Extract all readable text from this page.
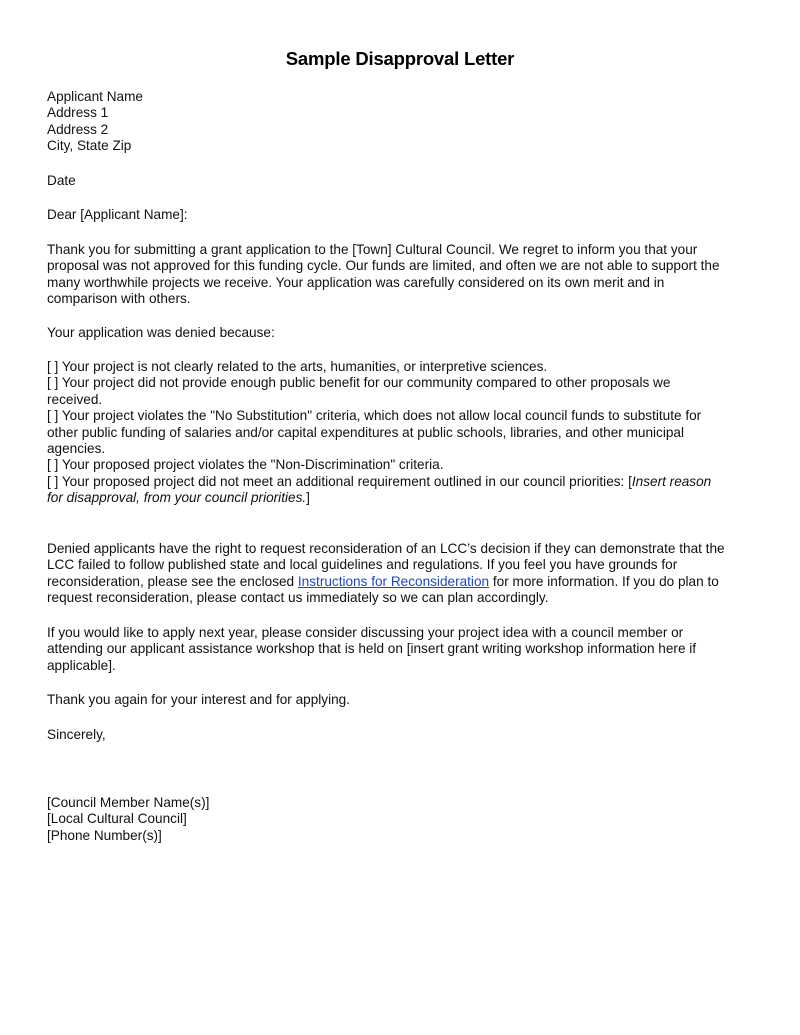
Sample Disapproval Letter
Applicant Name
Address 1
Address 2
City, State Zip
Date
Dear [Applicant Name]:
Thank you for submitting a grant application to the [Town] Cultural Council. We regret to inform you that your
proposal was not approved for this funding cycle. Our funds are limited, and often we are not able to support the
many worthwhile projects we receive. Your application was carefully considered on its own merit and in
comparison with others.
Your application was denied because:
[ ] Your project is not clearly related to the arts, humanities, or interpretive sciences.
[ ] Your project did not provide enough public benefit for our community compared to other proposals we
received.
[ ] Your project violates the "No Substitution" criteria, which does not allow local council funds to substitute for
other public funding of salaries and/or capital expenditures at public schools, libraries, and other municipal
agencies.
[ ] Your proposed project violates the "Non-Discrimination" criteria.
[ ] Your proposed project did not meet an additional requirement outlined in our council priorities: [Insert reason
for disapproval, from your council priorities.]
Denied applicants have the right to request reconsideration of an LCC’s decision if they can demonstrate that the
LCC failed to follow published state and local guidelines and regulations. If you feel you have grounds for
reconsideration, please see the enclosed Instructions for Reconsideration for more information. If you do plan to
request reconsideration, please contact us immediately so we can plan accordingly.
If you would like to apply next year, please consider discussing your project idea with a council member or
attending our applicant assistance workshop that is held on [insert grant writing workshop information here if
applicable].
Thank you again for your interest and for applying.
Sincerely,
[Council Member Name(s)]
[Local Cultural Council]
[Phone Number(s)]
